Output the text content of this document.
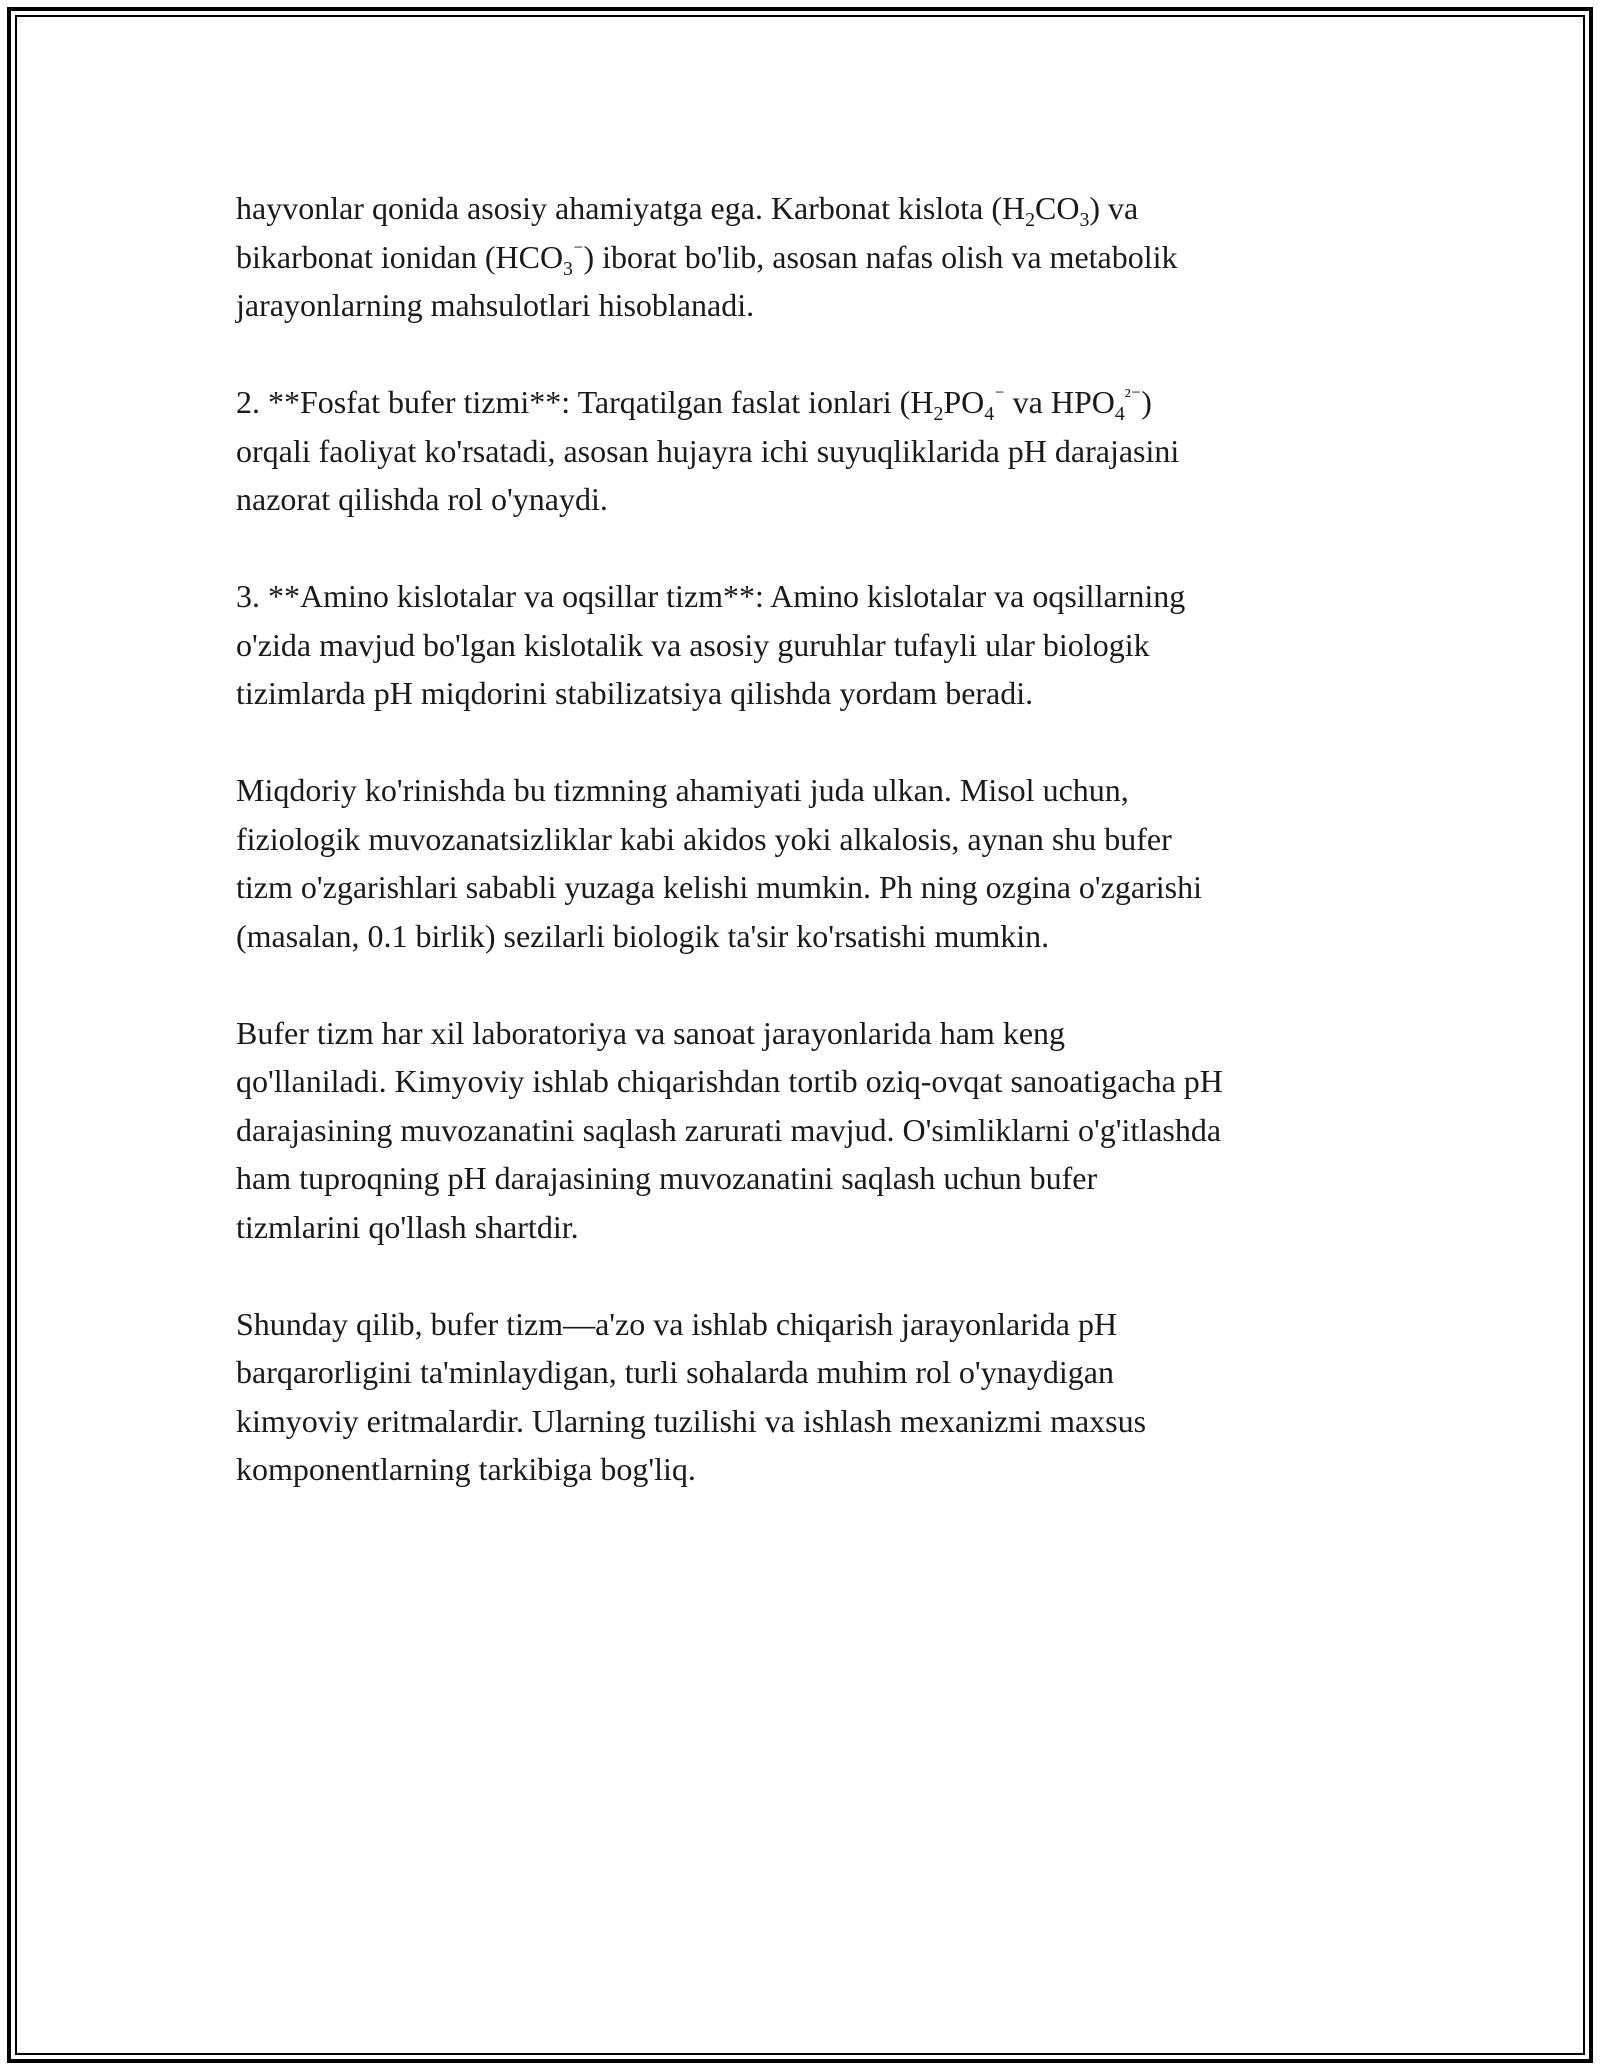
hayvonlar qonida asosiy ahamiyatga ega. Karbonat kislota $(H_2CO_3)$ va
bikarbonat ionidan $(HCO_3^{^-})$ iborat bo'lib, asosan nafas olish va metabolik
jarayonlarning mahsulotlari hisoblanadi.

2. **Fosfat bufer tizmi**: Tarqatilgan faslat ionlari ($H_2PO_4^{^-}$ va $HPO_4^{^{2-}}$)
orqali faoliyat ko'rsatadi, asosan hujayra ichi suyuqliklarida pH darajasini
nazorat qilishda rol o'ynaydi.

3. **Amino kislotalar va oqsillar tizm**: Amino kislotalar va oqsillarning
o'zida mavjud bo'lgan kislotalik va asosiy guruhlar tufayli ular biologik
tizimlarda pH miqdorini stabilizatsiya qilishda yordam beradi.

Miqdoriy ko'rinishda bu tizmning ahamiyati juda ulkan. Misol uchun,
fiziologik muvozanatsizliklar kabi akidos yoki alkalosis, aynan shu bufer
tizm o'zgarishlari sababli yuzaga kelishi mumkin. Ph ning ozgina o'zgarishi
(masalan, 0.1 birlik) sezilarli biologik ta'sir ko'rsatishi mumkin.

Bufer tizm har xil laboratoriya va sanoat jarayonlarida ham keng
qo'llaniladi. Kimyoviy ishlab chiqarishdan tortib oziq-ovqat sanoatigacha pH
darajasining muvozanatini saqlash zarurati mavjud. O'simliklarni o'g'itlashda
ham tuproqning pH darajasining muvozanatini saqlash uchun bufer
tizmlarini qo'llash shartdir.

Shunday qilib, bufer tizm—a'zo va ishlab chiqarish jarayonlarida pH
barqarorligini ta'minlaydigan, turli sohalarda muhim rol o'ynaydigan
kimyoviy eritmalardir. Ularning tuzilishi va ishlash mexanizmi maxsus
komponentlarning tarkibiga bog'liq.
